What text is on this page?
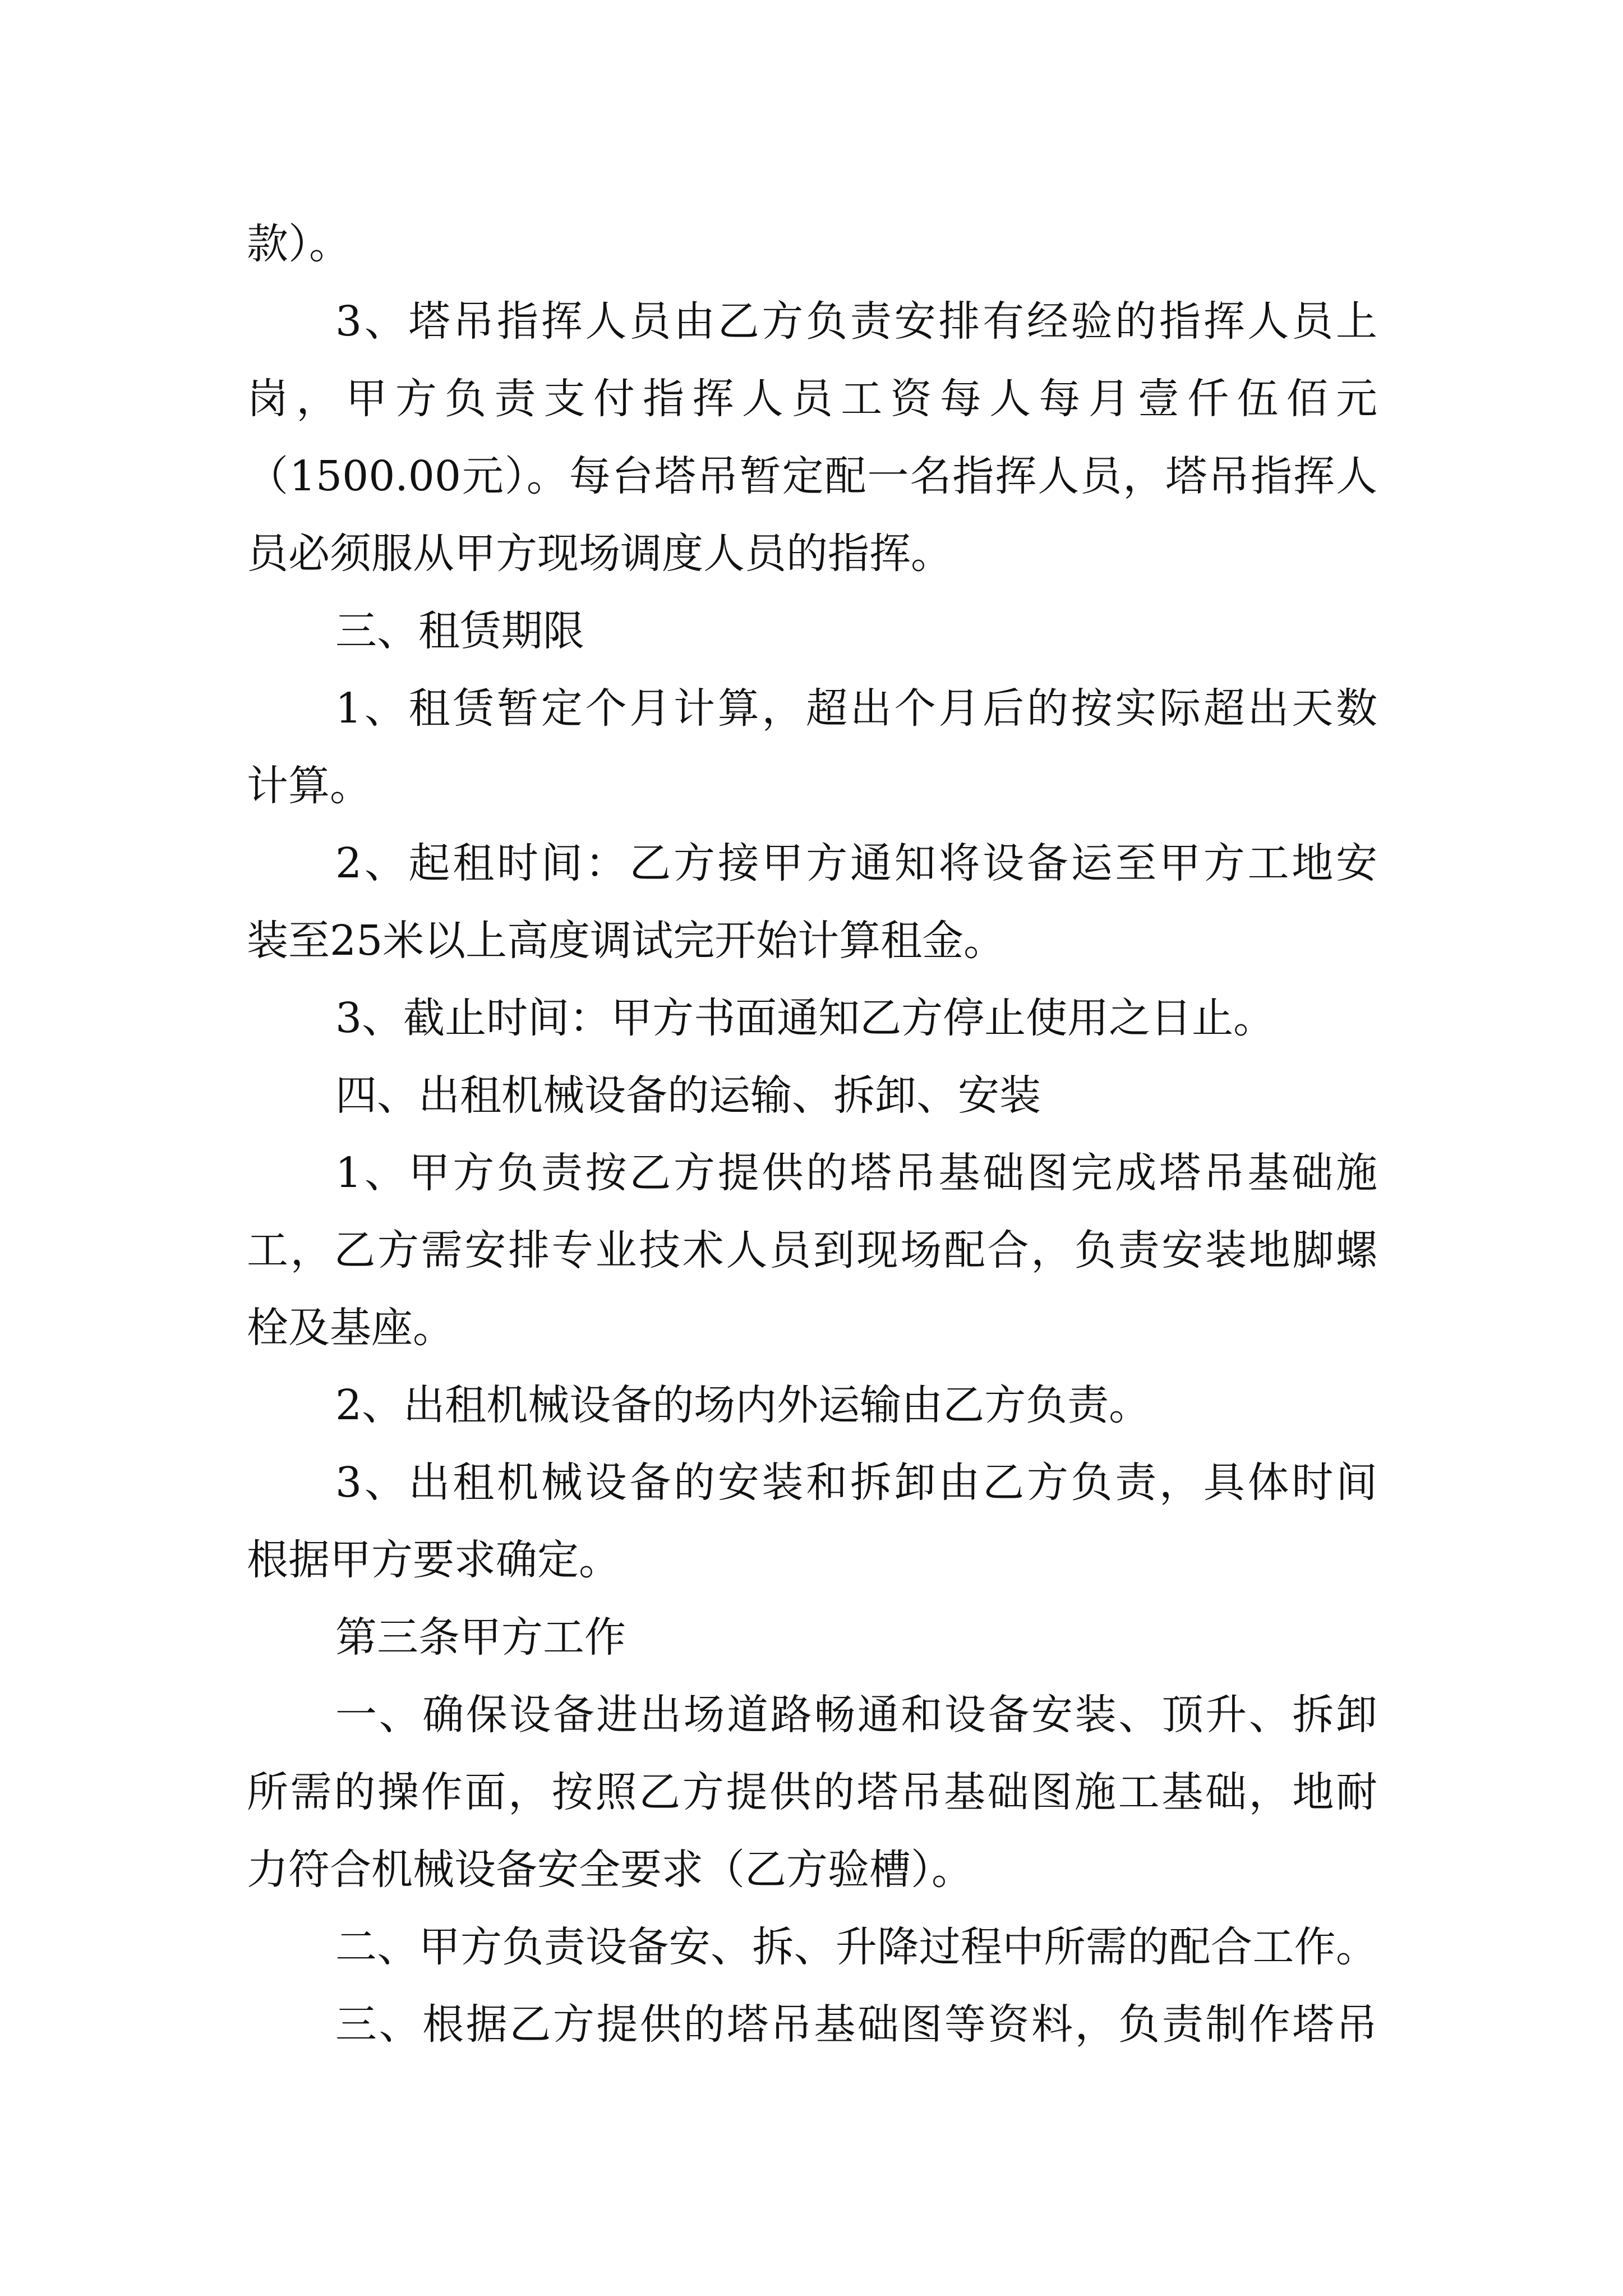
款）。
3、塔吊指挥人员由乙方负责安排有经验的指挥人员上
岗，甲方负责支付指挥人员工资每人每月壹仟伍佰元
（1500.00元）。每台塔吊暂定配一名指挥人员，塔吊指挥人
员必须服从甲方现场调度人员的指挥。
三、租赁期限
1、租赁暂定个月计算，超出个月后的按实际超出天数
计算。
2、起租时间：乙方接甲方通知将设备运至甲方工地安
装至25米以上高度调试完开始计算租金。
3、截止时间：甲方书面通知乙方停止使用之日止。
四、出租机械设备的运输、拆卸、安装
1、甲方负责按乙方提供的塔吊基础图完成塔吊基础施
工，乙方需安排专业技术人员到现场配合，负责安装地脚螺
栓及基座。
2、出租机械设备的场内外运输由乙方负责。
3、出租机械设备的安装和拆卸由乙方负责，具体时间
根据甲方要求确定。
第三条甲方工作
一、确保设备进出场道路畅通和设备安装、顶升、拆卸
所需的操作面，按照乙方提供的塔吊基础图施工基础，地耐
力符合机械设备安全要求（乙方验槽）。
二、甲方负责设备安、拆、升降过程中所需的配合工作。
三、根据乙方提供的塔吊基础图等资料，负责制作塔吊
